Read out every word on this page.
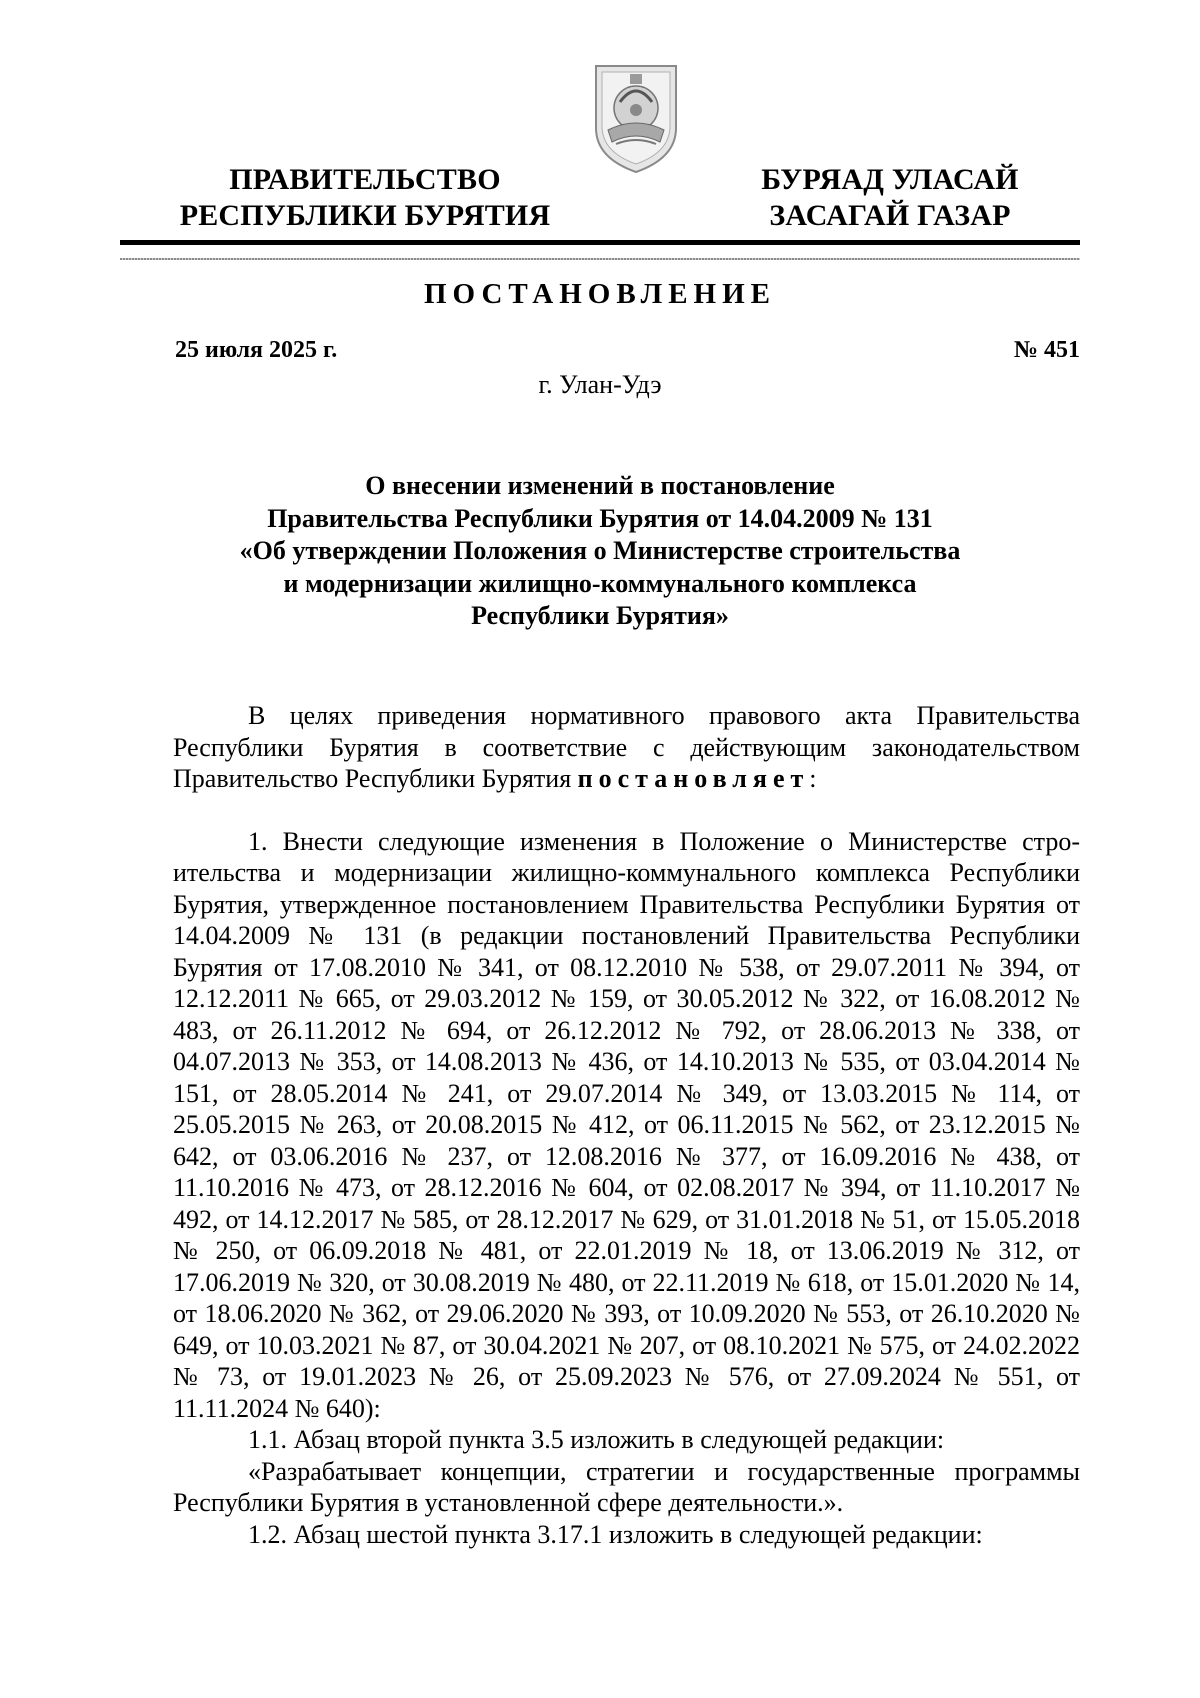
ПРАВИТЕЛЬСТВО
РЕСПУБЛИКИ БУРЯТИЯ
БУРЯАД УЛАСАЙ
ЗАСАГАЙ ГАЗАР
ПОСТАНОВЛЕНИЕ
25 июля 2025 г.	№ 451
г. Улан-Удэ
О внесении изменений в постановление
Правительства Республики Бурятия от 14.04.2009 № 131
«Об утверждении Положения о Министерстве строительства
и модернизации жилищно-коммунального комплекса
Республики Бурятия»

В целях приведения нормативного правового акта Правительства Республики Бурятия в соответствие с действующим законодательством Правительство Республики Бурятия постановляет:

1. Внести следующие изменения в Положение о Министерстве строительства и модернизации жилищно-коммунального комплекса Республики Бурятия, утвержденное постановлением Правительства Республики Бурятия от 14.04.2009 № 131 (в редакции постановлений Правительства Республики Бурятия от 17.08.2010 № 341, от 08.12.2010 № 538, от 29.07.2011 № 394, от 12.12.2011 № 665, от 29.03.2012 № 159, от 30.05.2012 № 322, от 16.08.2012 № 483, от 26.11.2012 № 694, от 26.12.2012 № 792, от 28.06.2013 № 338, от 04.07.2013 № 353, от 14.08.2013 № 436, от 14.10.2013 № 535, от 03.04.2014 № 151, от 28.05.2014 № 241, от 29.07.2014 № 349, от 13.03.2015 № 114, от 25.05.2015 № 263, от 20.08.2015 № 412, от 06.11.2015 № 562, от 23.12.2015 № 642, от 03.06.2016 № 237, от 12.08.2016 № 377, от 16.09.2016 № 438, от 11.10.2016 № 473, от 28.12.2016 № 604, от 02.08.2017 № 394, от 11.10.2017 № 492, от 14.12.2017 № 585, от 28.12.2017 № 629, от 31.01.2018 № 51, от 15.05.2018 № 250, от 06.09.2018 № 481, от 22.01.2019 № 18, от 13.06.2019 № 312, от 17.06.2019 № 320, от 30.08.2019 № 480, от 22.11.2019 № 618, от 15.01.2020 № 14, от 18.06.2020 № 362, от 29.06.2020 № 393, от 10.09.2020 № 553, от 26.10.2020 № 649, от 10.03.2021 № 87, от 30.04.2021 № 207, от 08.10.2021 № 575, от 24.02.2022 № 73, от 19.01.2023 № 26, от 25.09.2023 № 576, от 27.09.2024 № 551, от 11.11.2024 № 640):

1.1. Абзац второй пункта 3.5 изложить в следующей редакции:

«Разрабатывает концепции, стратегии и государственные программы Республики Бурятия в установленной сфере деятельности.».

1.2. Абзац шестой пункта 3.17.1 изложить в следующей редакции:
